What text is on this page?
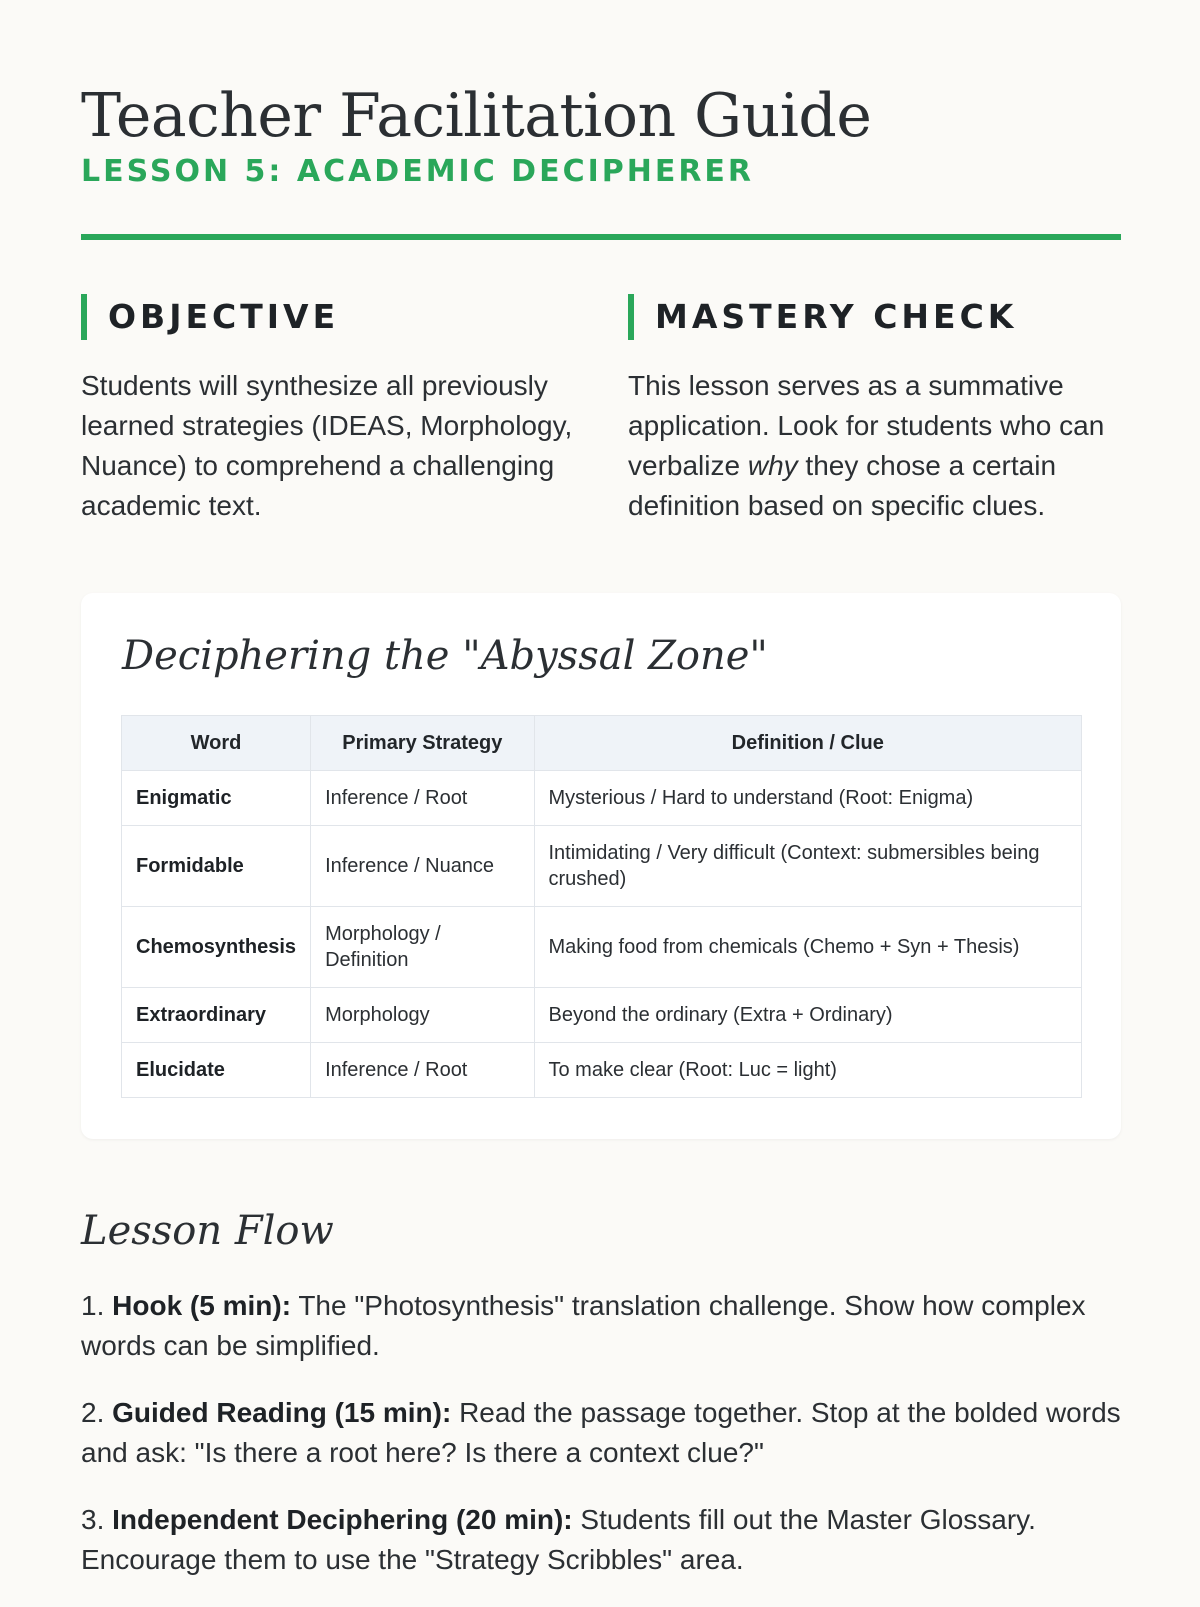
Teacher Facilitation Guide
LESSON 5: ACADEMIC DECIPHERER
OBJECTIVE
Students will synthesize all previously learned strategies (IDEAS, Morphology, Nuance) to comprehend a challenging academic text.
MASTERY CHECK
This lesson serves as a summative application. Look for students who can verbalize why they chose a certain definition based on specific clues.
Deciphering the "Abyssal Zone"
Word	Primary Strategy	Definition / Clue
Enigmatic	Inference / Root	Mysterious / Hard to understand (Root: Enigma)
Formidable	Inference / Nuance	Intimidating / Very difficult (Context: submersibles being crushed)
Chemosynthesis	Morphology / Definition	Making food from chemicals (Chemo + Syn + Thesis)
Extraordinary	Morphology	Beyond the ordinary (Extra + Ordinary)
Elucidate	Inference / Root	To make clear (Root: Luc = light)
Lesson Flow
1. Hook (5 min): The "Photosynthesis" translation challenge. Show how complex words can be simplified.
2. Guided Reading (15 min): Read the passage together. Stop at the bolded words and ask: "Is there a root here? Is there a context clue?"
3. Independent Deciphering (20 min): Students fill out the Master Glossary. Encourage them to use the "Strategy Scribbles" area.
